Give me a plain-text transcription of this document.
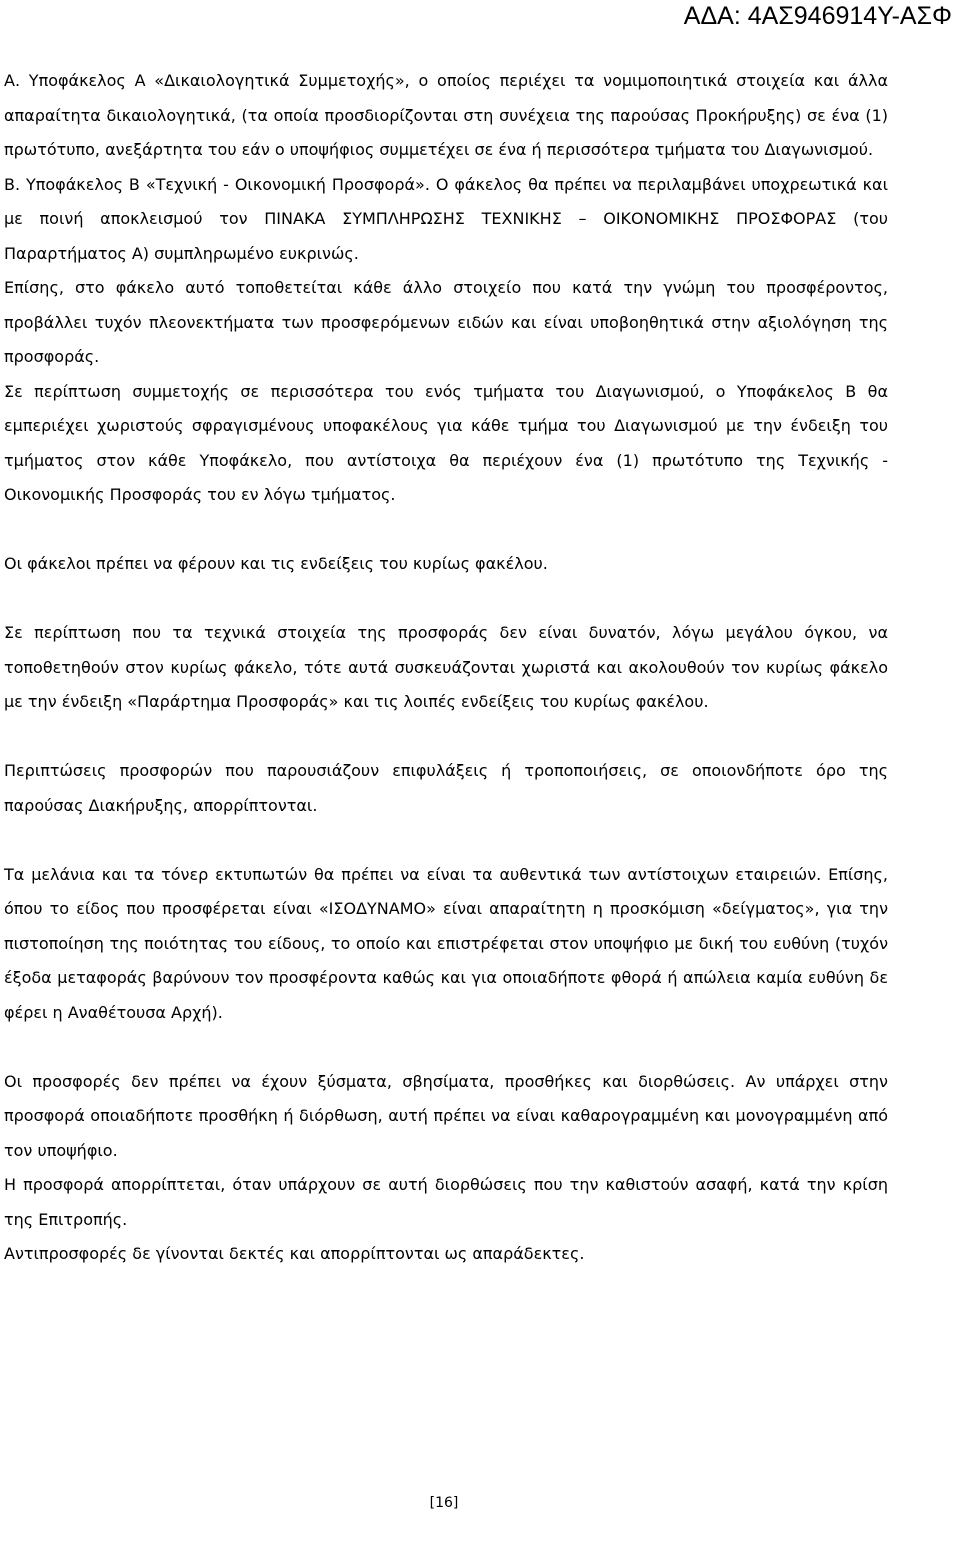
ΑΔΑ: 4ΑΣ946914Υ-ΑΣΦ

Α. Υποφάκελος Α «Δικαιολογητικά Συμμετοχής», ο οποίος περιέχει τα νομιμοποιητικά στοιχεία και άλλα απαραίτητα δικαιολογητικά, (τα οποία προσδιορίζονται στη συνέχεια της παρούσας Προκήρυξης) σε ένα (1) πρωτότυπο, ανεξάρτητα του εάν ο υποψήφιος συμμετέχει σε ένα ή περισσότερα τμήματα του Διαγωνισμού.

Β. Υποφάκελος Β «Τεχνική - Οικονομική Προσφορά». Ο φάκελος θα πρέπει να περιλαμβάνει υποχρεωτικά και με ποινή αποκλεισμού τον ΠΙΝΑΚΑ ΣΥΜΠΛΗΡΩΣΗΣ ΤΕΧΝΙΚΗΣ – ΟΙΚΟΝΟΜΙΚΗΣ ΠΡΟΣΦΟΡΑΣ (του Παραρτήματος Α) συμπληρωμένο ευκρινώς.

Επίσης, στο φάκελο αυτό τοποθετείται κάθε άλλο στοιχείο που κατά την γνώμη του προσφέροντος, προβάλλει τυχόν πλεονεκτήματα των προσφερόμενων ειδών και είναι υποβοηθητικά στην αξιολόγηση της προσφοράς.

Σε περίπτωση συμμετοχής σε περισσότερα του ενός τμήματα του Διαγωνισμού, ο Υποφάκελος Β θα εμπεριέχει χωριστούς σφραγισμένους υποφακέλους για κάθε τμήμα του Διαγωνισμού με την ένδειξη του τμήματος στον κάθε Υποφάκελο, που αντίστοιχα θα περιέχουν ένα (1) πρωτότυπο της Τεχνικής - Οικονομικής Προσφοράς του εν λόγω τμήματος.

Οι φάκελοι πρέπει να φέρουν και τις ενδείξεις του κυρίως φακέλου.

Σε περίπτωση που τα τεχνικά στοιχεία της προσφοράς δεν είναι δυνατόν, λόγω μεγάλου όγκου, να τοποθετηθούν στον κυρίως φάκελο, τότε αυτά συσκευάζονται χωριστά και ακολουθούν τον κυρίως φάκελο με την ένδειξη «Παράρτημα Προσφοράς» και τις λοιπές ενδείξεις του κυρίως φακέλου.

Περιπτώσεις προσφορών που παρουσιάζουν επιφυλάξεις ή τροποποιήσεις, σε οποιονδήποτε όρο της παρούσας Διακήρυξης, απορρίπτονται.

Τα μελάνια και τα τόνερ εκτυπωτών θα πρέπει να είναι τα αυθεντικά των αντίστοιχων εταιρειών. Επίσης, όπου το είδος που προσφέρεται είναι «ΙΣΟΔΥΝΑΜΟ» είναι απαραίτητη η προσκόμιση «δείγματος», για την πιστοποίηση της ποιότητας του είδους, το οποίο και επιστρέφεται στον υποψήφιο με δική του ευθύνη (τυχόν έξοδα μεταφοράς βαρύνουν τον προσφέροντα καθώς και για οποιαδήποτε φθορά ή απώλεια καμία ευθύνη δε φέρει η Αναθέτουσα Αρχή).

Οι προσφορές δεν πρέπει να έχουν ξύσματα, σβησίματα, προσθήκες και διορθώσεις. Αν υπάρχει στην προσφορά οποιαδήποτε προσθήκη ή διόρθωση, αυτή πρέπει να είναι καθαρογραμμένη και μονογραμμένη από τον υποψήφιο.

Η προσφορά απορρίπτεται, όταν υπάρχουν σε αυτή διορθώσεις που την καθιστούν ασαφή, κατά την κρίση της Επιτροπής.

Αντιπροσφορές δε γίνονται δεκτές και απορρίπτονται ως απαράδεκτες.

[16]
